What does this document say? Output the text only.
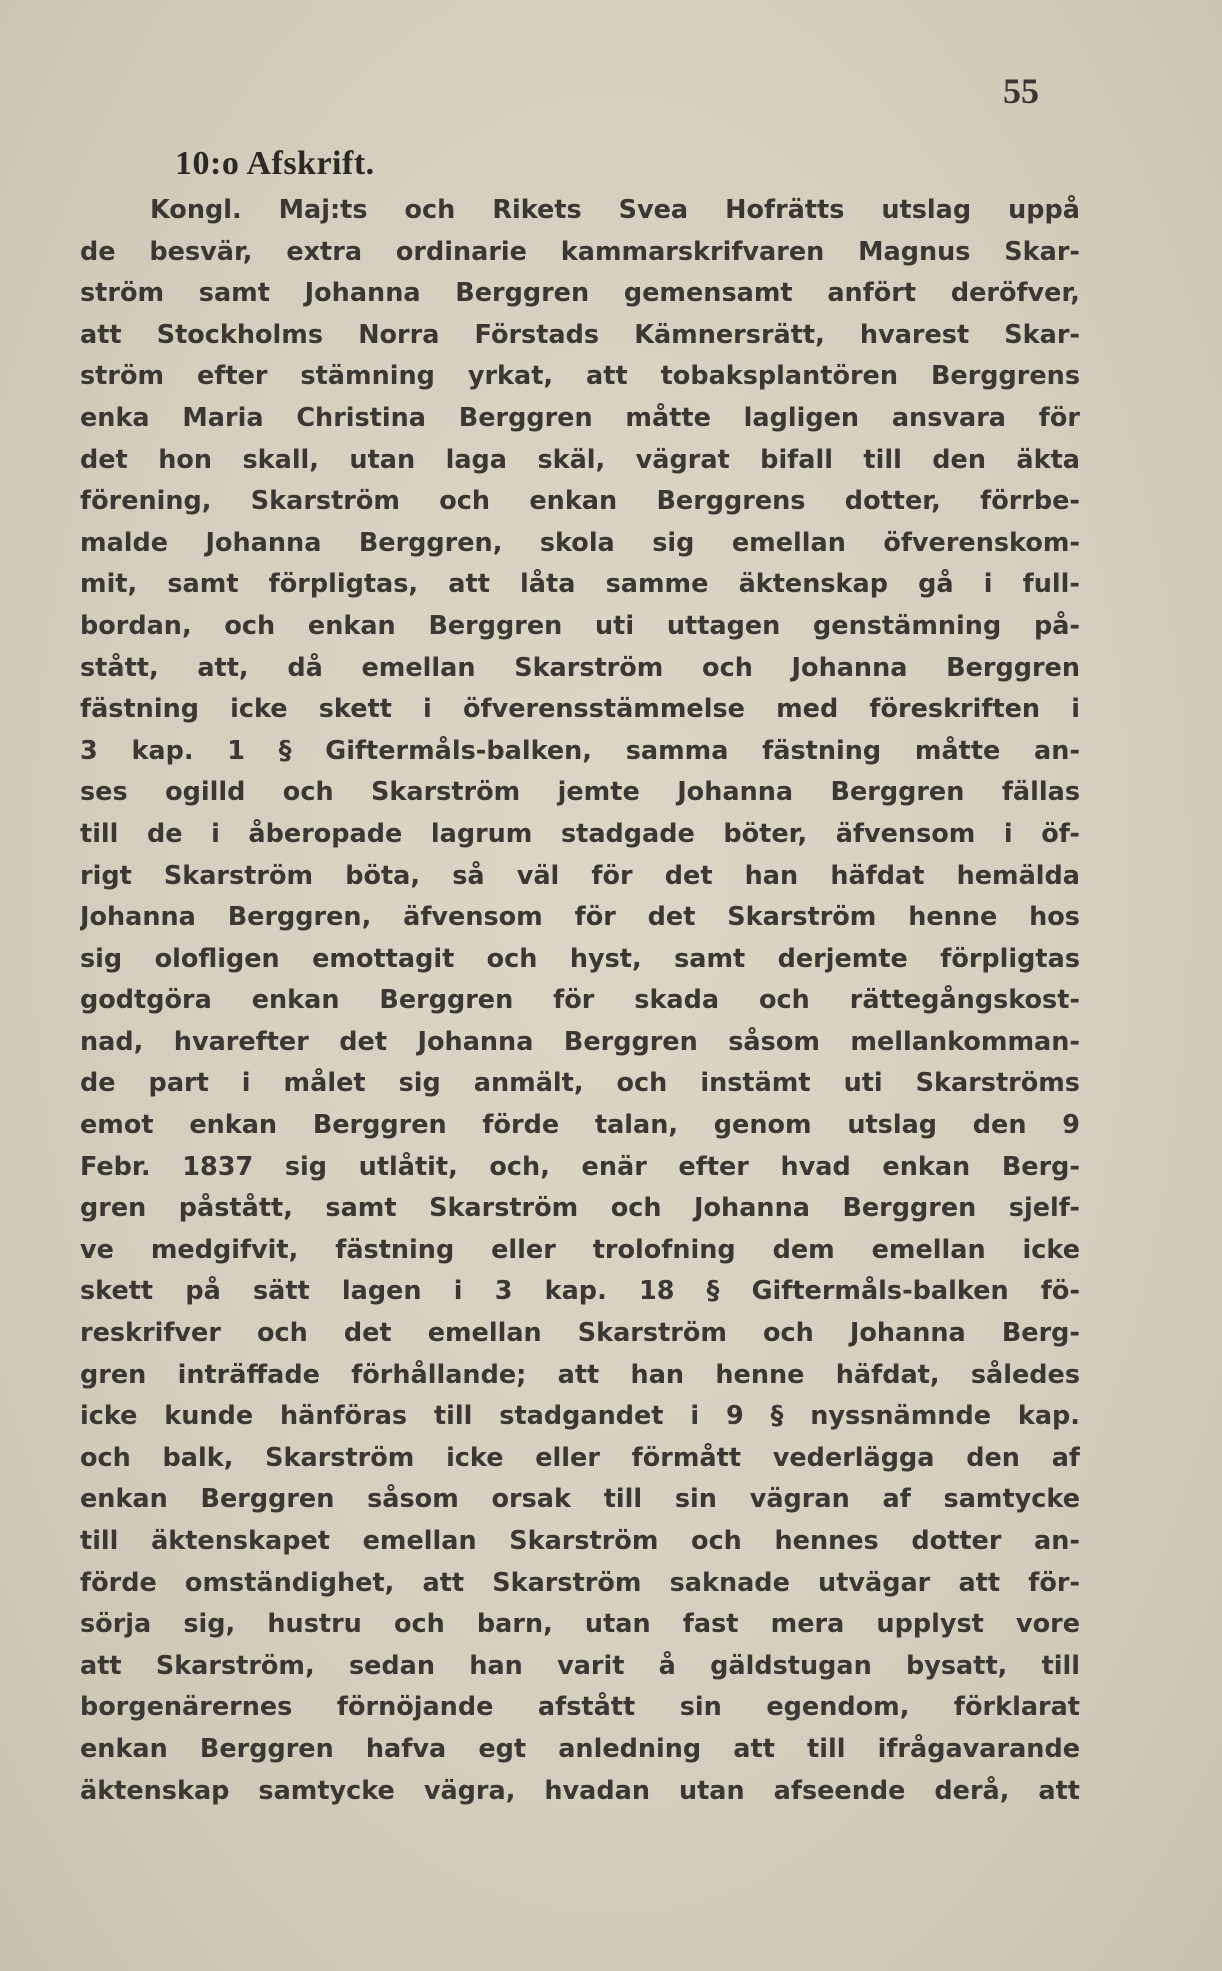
55
10:o Afskrift.
Kongl. Maj:ts och Rikets Svea Hofrätts utslag uppå
de besvär, extra ordinarie kammarskrifvaren Magnus Skar-
ström samt Johanna Berggren gemensamt anfört deröfver,
att Stockholms Norra Förstads Kämnersrätt, hvarest Skar-
ström efter stämning yrkat, att tobaksplantören Berggrens
enka Maria Christina Berggren måtte lagligen ansvara för
det hon skall, utan laga skäl, vägrat bifall till den äkta
förening, Skarström och enkan Berggrens dotter, förrbe-
malde Johanna Berggren, skola sig emellan öfverenskom-
mit, samt förpligtas, att låta samme äktenskap gå i full-
bordan, och enkan Berggren uti uttagen genstämning på-
stått, att, då emellan Skarström och Johanna Berggren
fästning icke skett i öfverensstämmelse med föreskriften i
3 kap. 1 § Giftermåls-balken, samma fästning måtte an-
ses ogilld och Skarström jemte Johanna Berggren fällas
till de i åberopade lagrum stadgade böter, äfvensom i öf-
rigt Skarström böta, så väl för det han häfdat hemälda
Johanna Berggren, äfvensom för det Skarström henne hos
sig olofligen emottagit och hyst, samt derjemte förpligtas
godtgöra enkan Berggren för skada och rättegångskost-
nad, hvarefter det Johanna Berggren såsom mellankomman-
de part i målet sig anmält, och instämt uti Skarströms
emot enkan Berggren förde talan, genom utslag den 9
Febr. 1837 sig utlåtit, och, enär efter hvad enkan Berg-
gren påstått, samt Skarström och Johanna Berggren sjelf-
ve medgifvit, fästning eller trolofning dem emellan icke
skett på sätt lagen i 3 kap. 18 § Giftermåls-balken fö-
reskrifver och det emellan Skarström och Johanna Berg-
gren inträffade förhållande; att han henne häfdat, således
icke kunde hänföras till stadgandet i 9 § nyssnämnde kap.
och balk, Skarström icke eller förmått vederlägga den af
enkan Berggren såsom orsak till sin vägran af samtycke
till äktenskapet emellan Skarström och hennes dotter an-
förde omständighet, att Skarström saknade utvägar att för-
sörja sig, hustru och barn, utan fast mera upplyst vore
att Skarström, sedan han varit å gäldstugan bysatt, till
borgenärernes förnöjande afstått sin egendom, förklarat
enkan Berggren hafva egt anledning att till ifrågavarande
äktenskap samtycke vägra, hvadan utan afseende derå, att
